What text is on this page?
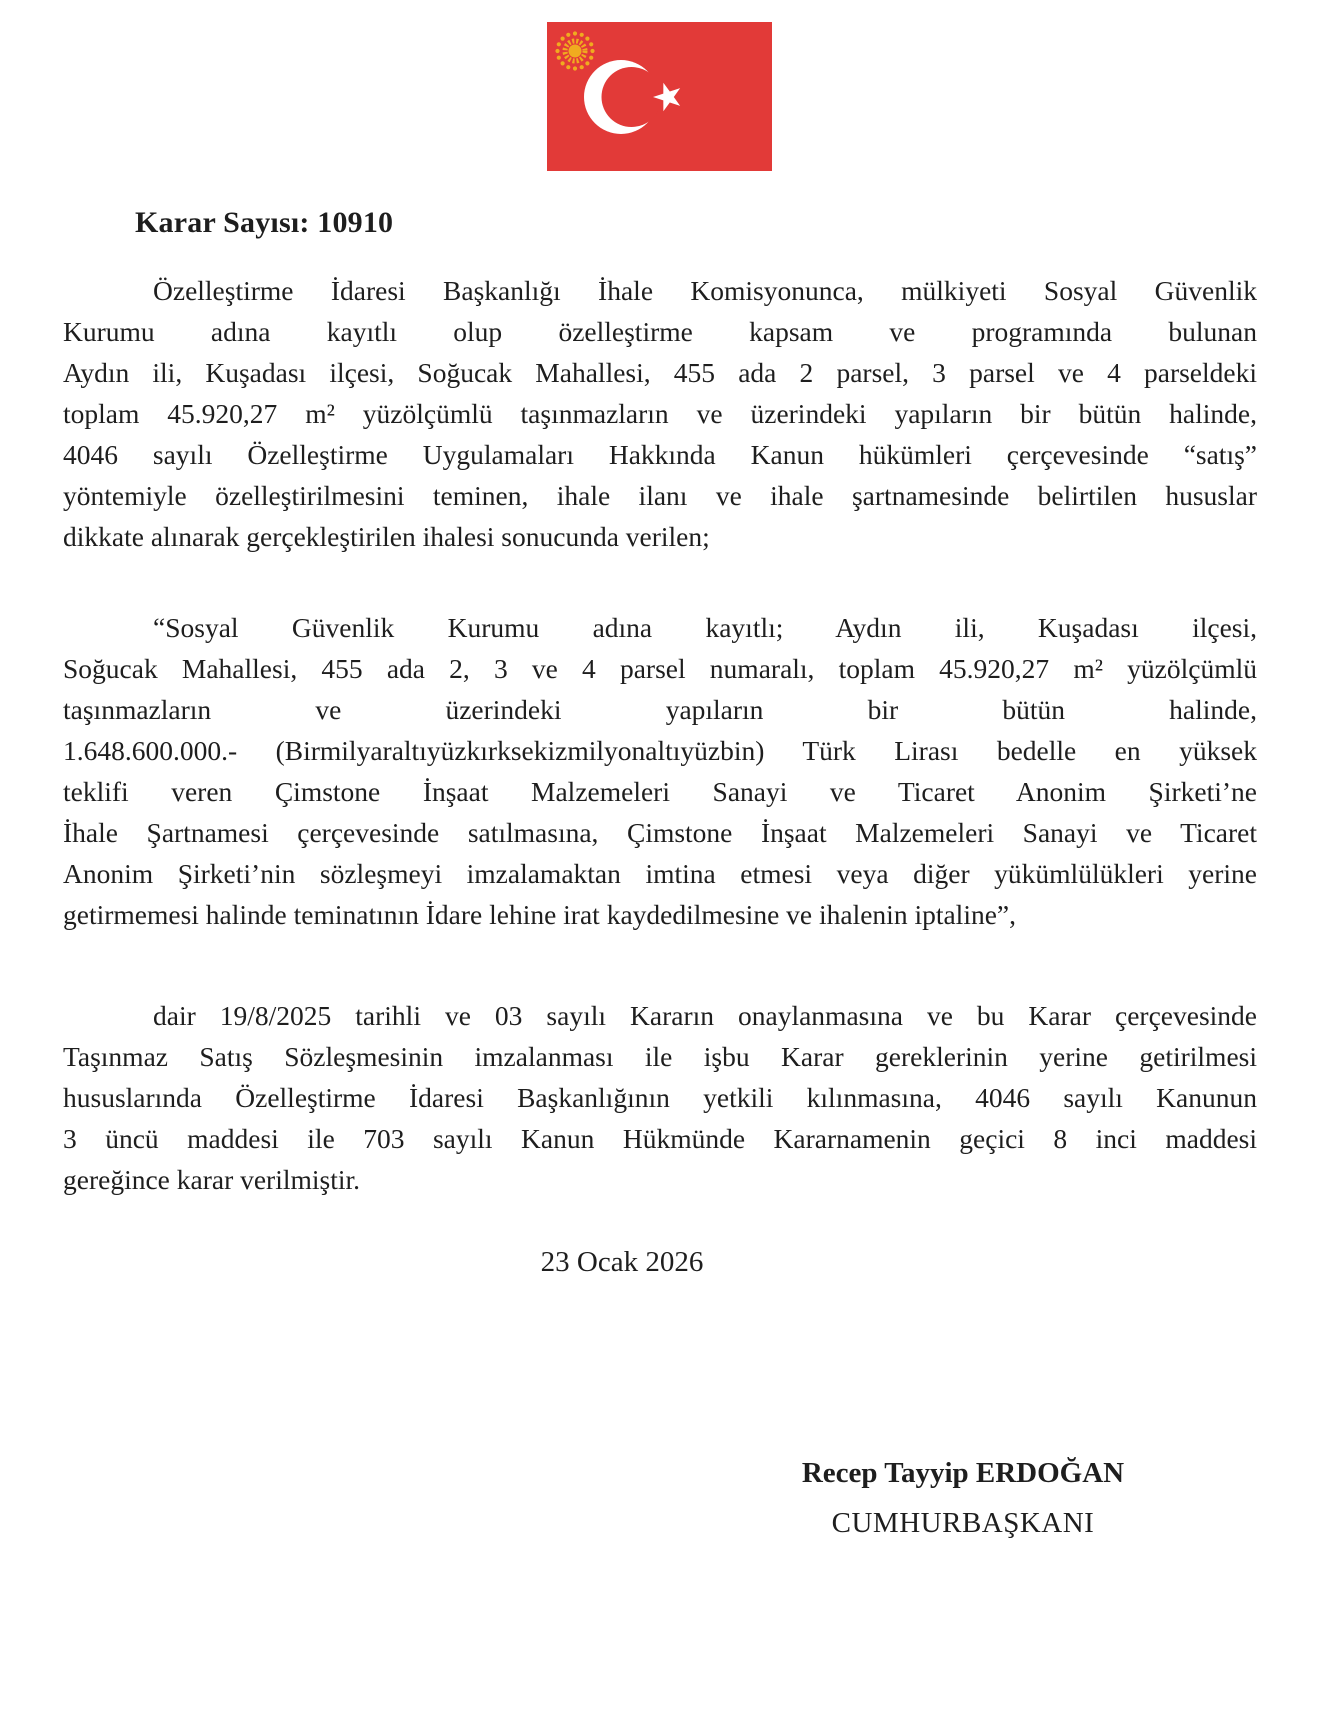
Karar Sayısı: 10910
Özelleştirme İdaresi Başkanlığı İhale Komisyonunca, mülkiyeti Sosyal Güvenlik
Kurumu adına kayıtlı olup özelleştirme kapsam ve programında bulunan
Aydın ili, Kuşadası ilçesi, Soğucak Mahallesi, 455 ada 2 parsel, 3 parsel ve 4 parseldeki
toplam 45.920,27 m² yüzölçümlü taşınmazların ve üzerindeki yapıların bir bütün halinde,
4046 sayılı Özelleştirme Uygulamaları Hakkında Kanun hükümleri çerçevesinde “satış”
yöntemiyle özelleştirilmesini teminen, ihale ilanı ve ihale şartnamesinde belirtilen hususlar
dikkate alınarak gerçekleştirilen ihalesi sonucunda verilen;
“Sosyal Güvenlik Kurumu adına kayıtlı; Aydın ili, Kuşadası ilçesi,
Soğucak Mahallesi, 455 ada 2, 3 ve 4 parsel numaralı, toplam 45.920,27 m² yüzölçümlü
taşınmazların ve üzerindeki yapıların bir bütün halinde,
1.648.600.000.- (Birmilyaraltıyüzkırksekizmilyonaltıyüzbin) Türk Lirası bedelle en yüksek
teklifi veren Çimstone İnşaat Malzemeleri Sanayi ve Ticaret Anonim Şirketi’ne
İhale Şartnamesi çerçevesinde satılmasına, Çimstone İnşaat Malzemeleri Sanayi ve Ticaret
Anonim Şirketi’nin sözleşmeyi imzalamaktan imtina etmesi veya diğer yükümlülükleri yerine
getirmemesi halinde teminatının İdare lehine irat kaydedilmesine ve ihalenin iptaline”,
dair 19/8/2025 tarihli ve 03 sayılı Kararın onaylanmasına ve bu Karar çerçevesinde
Taşınmaz Satış Sözleşmesinin imzalanması ile işbu Karar gereklerinin yerine getirilmesi
hususlarında Özelleştirme İdaresi Başkanlığının yetkili kılınmasına, 4046 sayılı Kanunun
3 üncü maddesi ile 703 sayılı Kanun Hükmünde Kararnamenin geçici 8 inci maddesi
gereğince karar verilmiştir.
23 Ocak 2026
Recep Tayyip ERDOĞAN
CUMHURBAŞKANI
